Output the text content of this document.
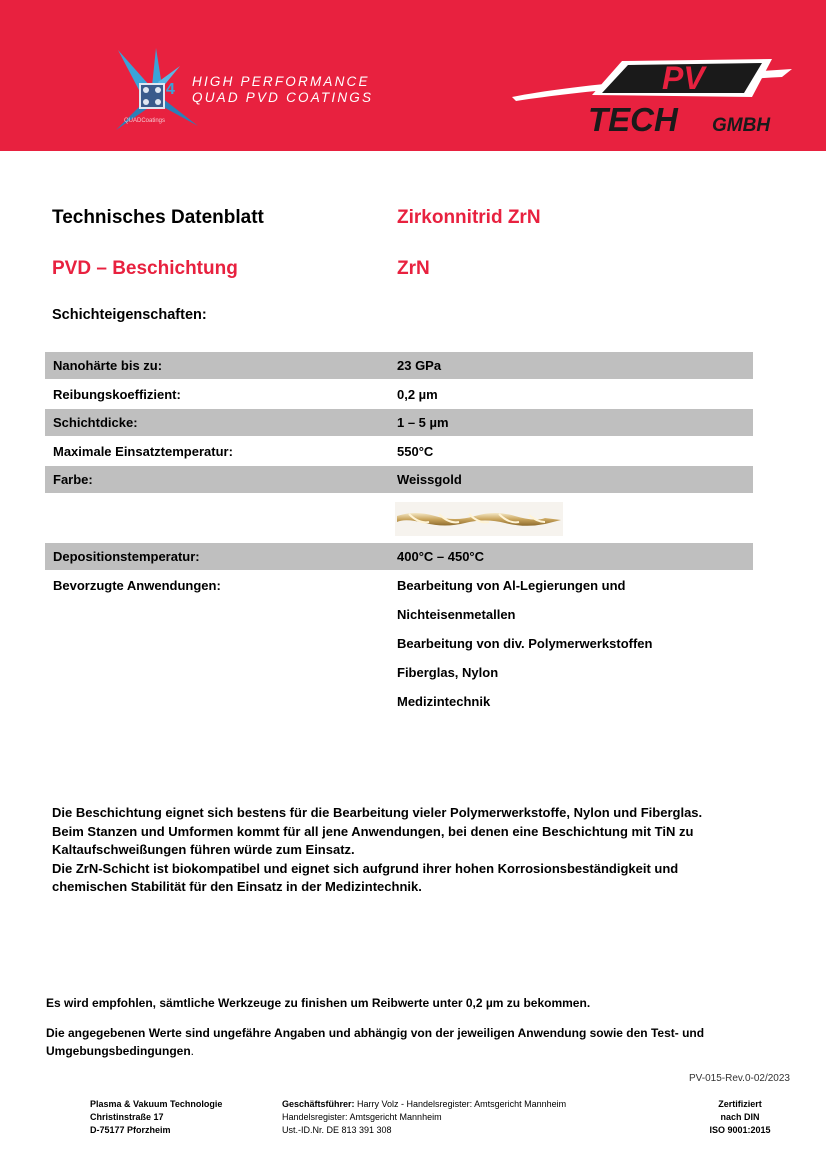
4
QUADCoatings
HIGH PERFORMANCE
QUAD PVD COATINGS
PV
TECH GMBH
Technisches Datenblatt	Zirkonnitrid ZrN
PVD – Beschichtung	ZrN
Schichteigenschaften:
Nanohärte bis zu:	23 GPa
Reibungskoeffizient:	0,2 µm
Schichtdicke:	1 – 5 µm
Maximale Einsatztemperatur:	550°C
Farbe:	Weissgold
Depositionstemperatur:	400°C – 450°C
Bevorzugte Anwendungen:	Bearbeitung von Al-Legierungen und
Nichteisenmetallen
Bearbeitung von div. Polymerwerkstoffen
Fiberglas, Nylon
Medizintechnik
Die Beschichtung eignet sich bestens für die Bearbeitung vieler Polymerwerkstoffe, Nylon und Fiberglas.
Beim Stanzen und Umformen kommt für all jene Anwendungen, bei denen eine Beschichtung mit TiN zu
Kaltaufschweißungen führen würde zum Einsatz.
Die ZrN-Schicht ist biokompatibel und eignet sich aufgrund ihrer hohen Korrosionsbeständigkeit und
chemischen Stabilität für den Einsatz in der Medizintechnik.
Es wird empfohlen, sämtliche Werkzeuge zu finishen um Reibwerte unter 0,2 µm zu bekommen.
Die angegebenen Werte sind ungefähre Angaben und abhängig von der jeweiligen Anwendung sowie den Test- und Umgebungsbedingungen.
PV-015-Rev.0-02/2023
Plasma & Vakuum Technologie
Christinstraße 17
D-75177 Pforzheim
Geschäftsführer: Harry Volz - Handelsregister: Amtsgericht Mannheim
Handelsregister: Amtsgericht Mannheim
Ust.-ID.Nr. DE 813 391 308
Zertifiziert
nach DIN
ISO 9001:2015
